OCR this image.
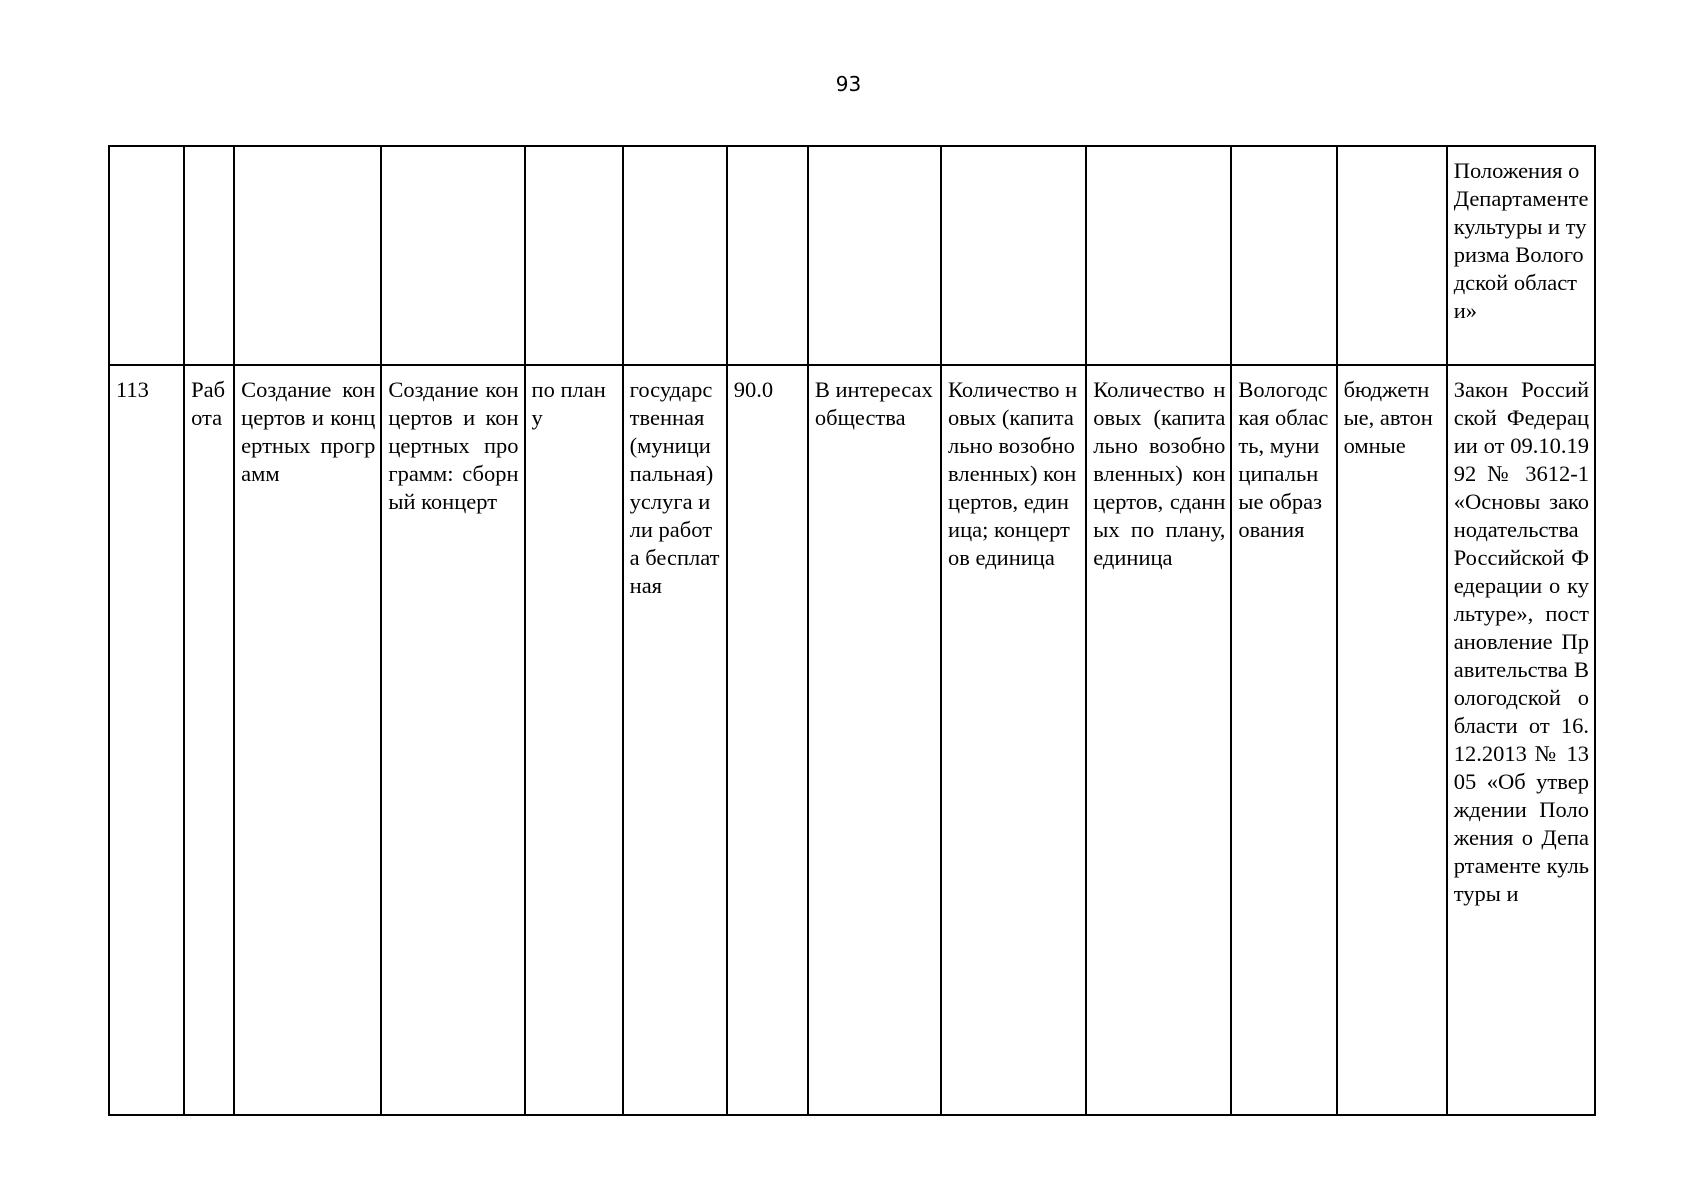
93
												Положения о Департаменте культуры и туризма Вологодской области»
113	Работа	Создание концертов и концертных программ	Создание концертов и концертных программ: сборный концерт	по плану	государственная (муниципальная) услуга или работа бесплатная	90.0	В интересах общества	Количество новых (капитально возобновленных) концертов, единица; концертов единица	Количество новых (капитально возобновленных) концертов, сданных по плану, единица	Вологодская область, муниципальные образования	бюджетные, автономные	Закон Российской Федерации от 09.10.1992 № 3612-1 «Основы законодательства Российской Федерации о культуре», постановление Правительства Вологодской области от 16.12.2013 № 1305 «Об утверждении Положения о Департаменте культуры и
